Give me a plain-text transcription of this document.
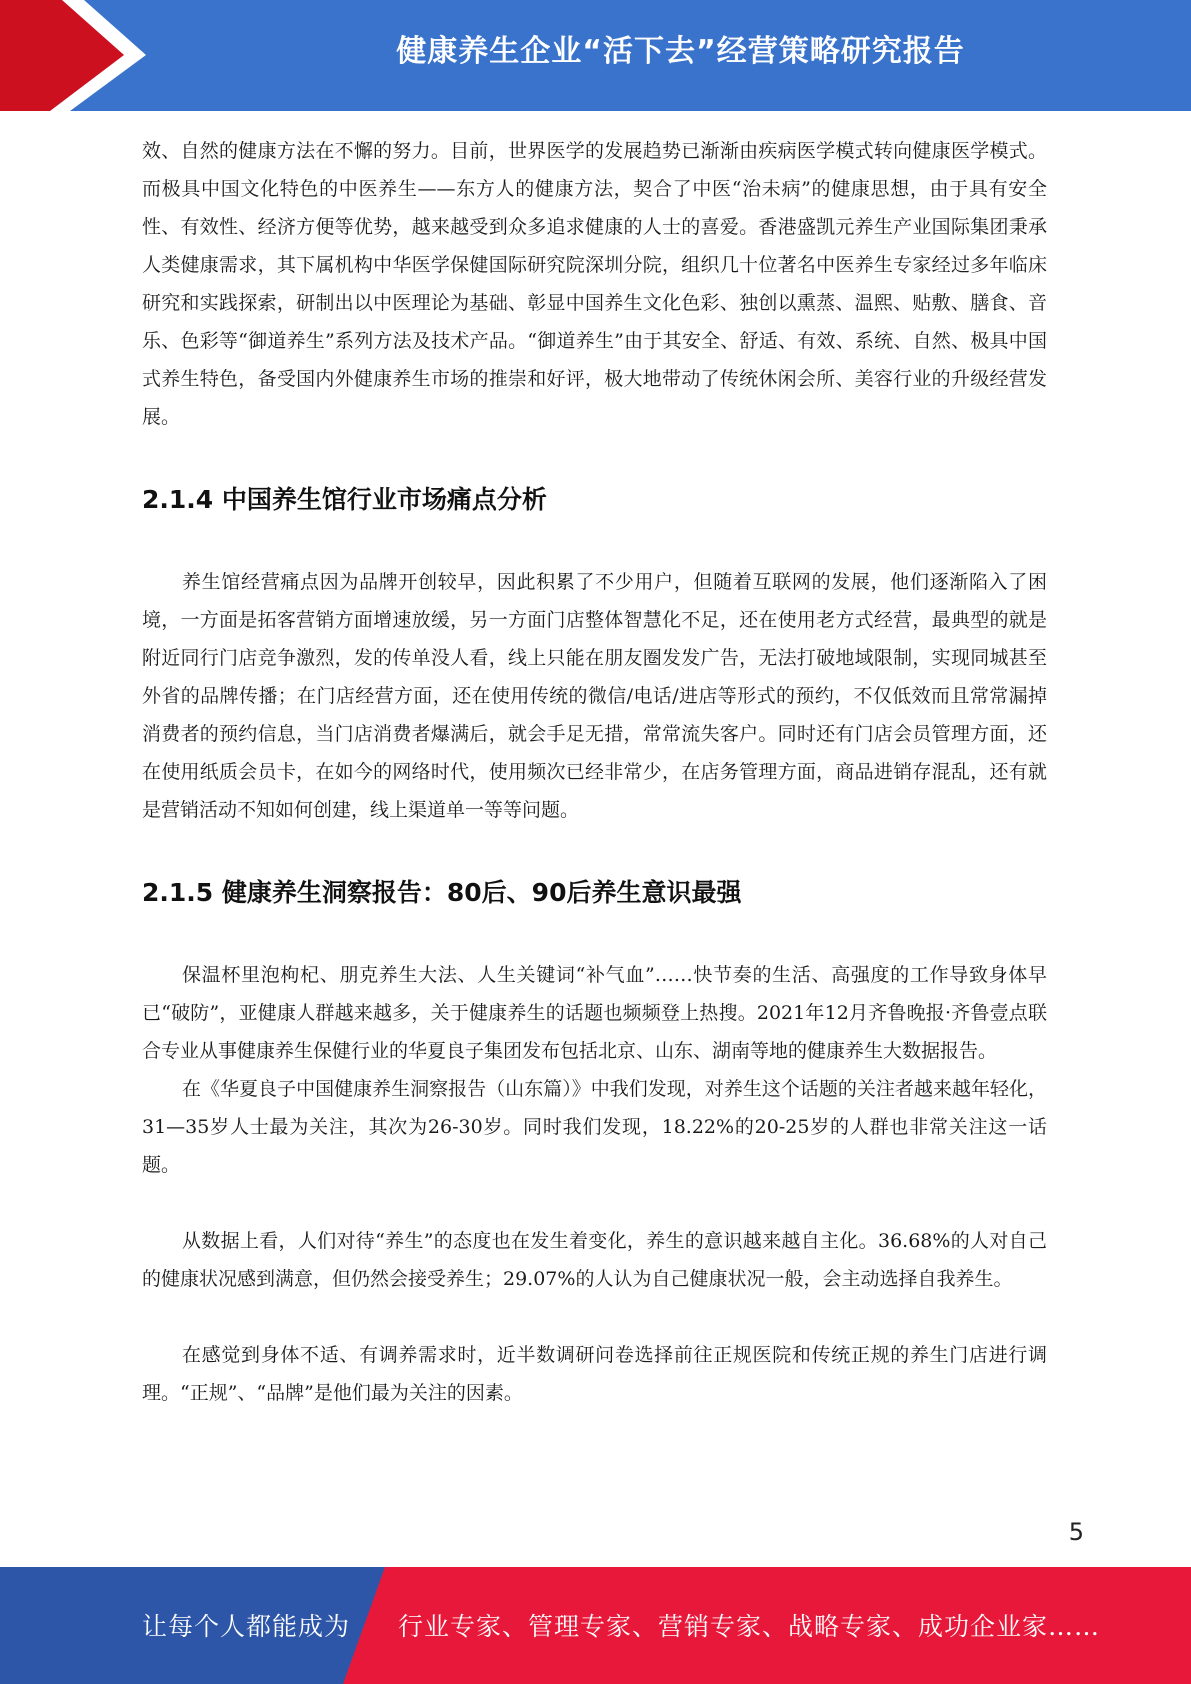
健康养生企业“活下去”经营策略研究报告

效、自然的健康方法在不懈的努力。目前，世界医学的发展趋势已渐渐由疾病医学模式转向健康医学模式。而极具中国文化特色的中医养生——东方人的健康方法，契合了中医“治未病”的健康思想，由于具有安全性、有效性、经济方便等优势，越来越受到众多追求健康的人士的喜爱。香港盛凯元养生产业国际集团秉承人类健康需求，其下属机构中华医学保健国际研究院深圳分院，组织几十位著名中医养生专家经过多年临床研究和实践探索，研制出以中医理论为基础、彰显中国养生文化色彩、独创以熏蒸、温熙、贴敷、膳食、音乐、色彩等“御道养生”系列方法及技术产品。“御道养生”由于其安全、舒适、有效、系统、自然、极具中国式养生特色，备受国内外健康养生市场的推崇和好评，极大地带动了传统休闲会所、美容行业的升级经营发展。

2.1.4 中国养生馆行业市场痛点分析

养生馆经营痛点因为品牌开创较早，因此积累了不少用户，但随着互联网的发展，他们逐渐陷入了困境，一方面是拓客营销方面增速放缓，另一方面门店整体智慧化不足，还在使用老方式经营，最典型的就是附近同行门店竞争激烈，发的传单没人看，线上只能在朋友圈发发广告，无法打破地域限制，实现同城甚至外省的品牌传播；在门店经营方面，还在使用传统的微信/电话/进店等形式的预约，不仅低效而且常常漏掉消费者的预约信息，当门店消费者爆满后，就会手足无措，常常流失客户。同时还有门店会员管理方面，还在使用纸质会员卡，在如今的网络时代，使用频次已经非常少，在店务管理方面，商品进销存混乱，还有就是营销活动不知如何创建，线上渠道单一等等问题。

2.1.5 健康养生洞察报告：80后、90后养生意识最强

保温杯里泡枸杞、朋克养生大法、人生关键词“补气血”……快节奏的生活、高强度的工作导致身体早已“破防”，亚健康人群越来越多，关于健康养生的话题也频频登上热搜。2021年12月齐鲁晚报·齐鲁壹点联合专业从事健康养生保健行业的华夏良子集团发布包括北京、山东、湖南等地的健康养生大数据报告。

在《华夏良子中国健康养生洞察报告（山东篇）》中我们发现，对养生这个话题的关注者越来越年轻化，31—35岁人士最为关注，其次为26-30岁。同时我们发现，18.22%的20-25岁的人群也非常关注这一话题。

从数据上看，人们对待“养生”的态度也在发生着变化，养生的意识越来越自主化。36.68%的人对自己的健康状况感到满意，但仍然会接受养生；29.07%的人认为自己健康状况一般，会主动选择自我养生。

在感觉到身体不适、有调养需求时，近半数调研问卷选择前往正规医院和传统正规的养生门店进行调理。“正规”、“品牌”是他们最为关注的因素。

5
让每个人都能成为 行业专家、管理专家、营销专家、战略专家、成功企业家……
